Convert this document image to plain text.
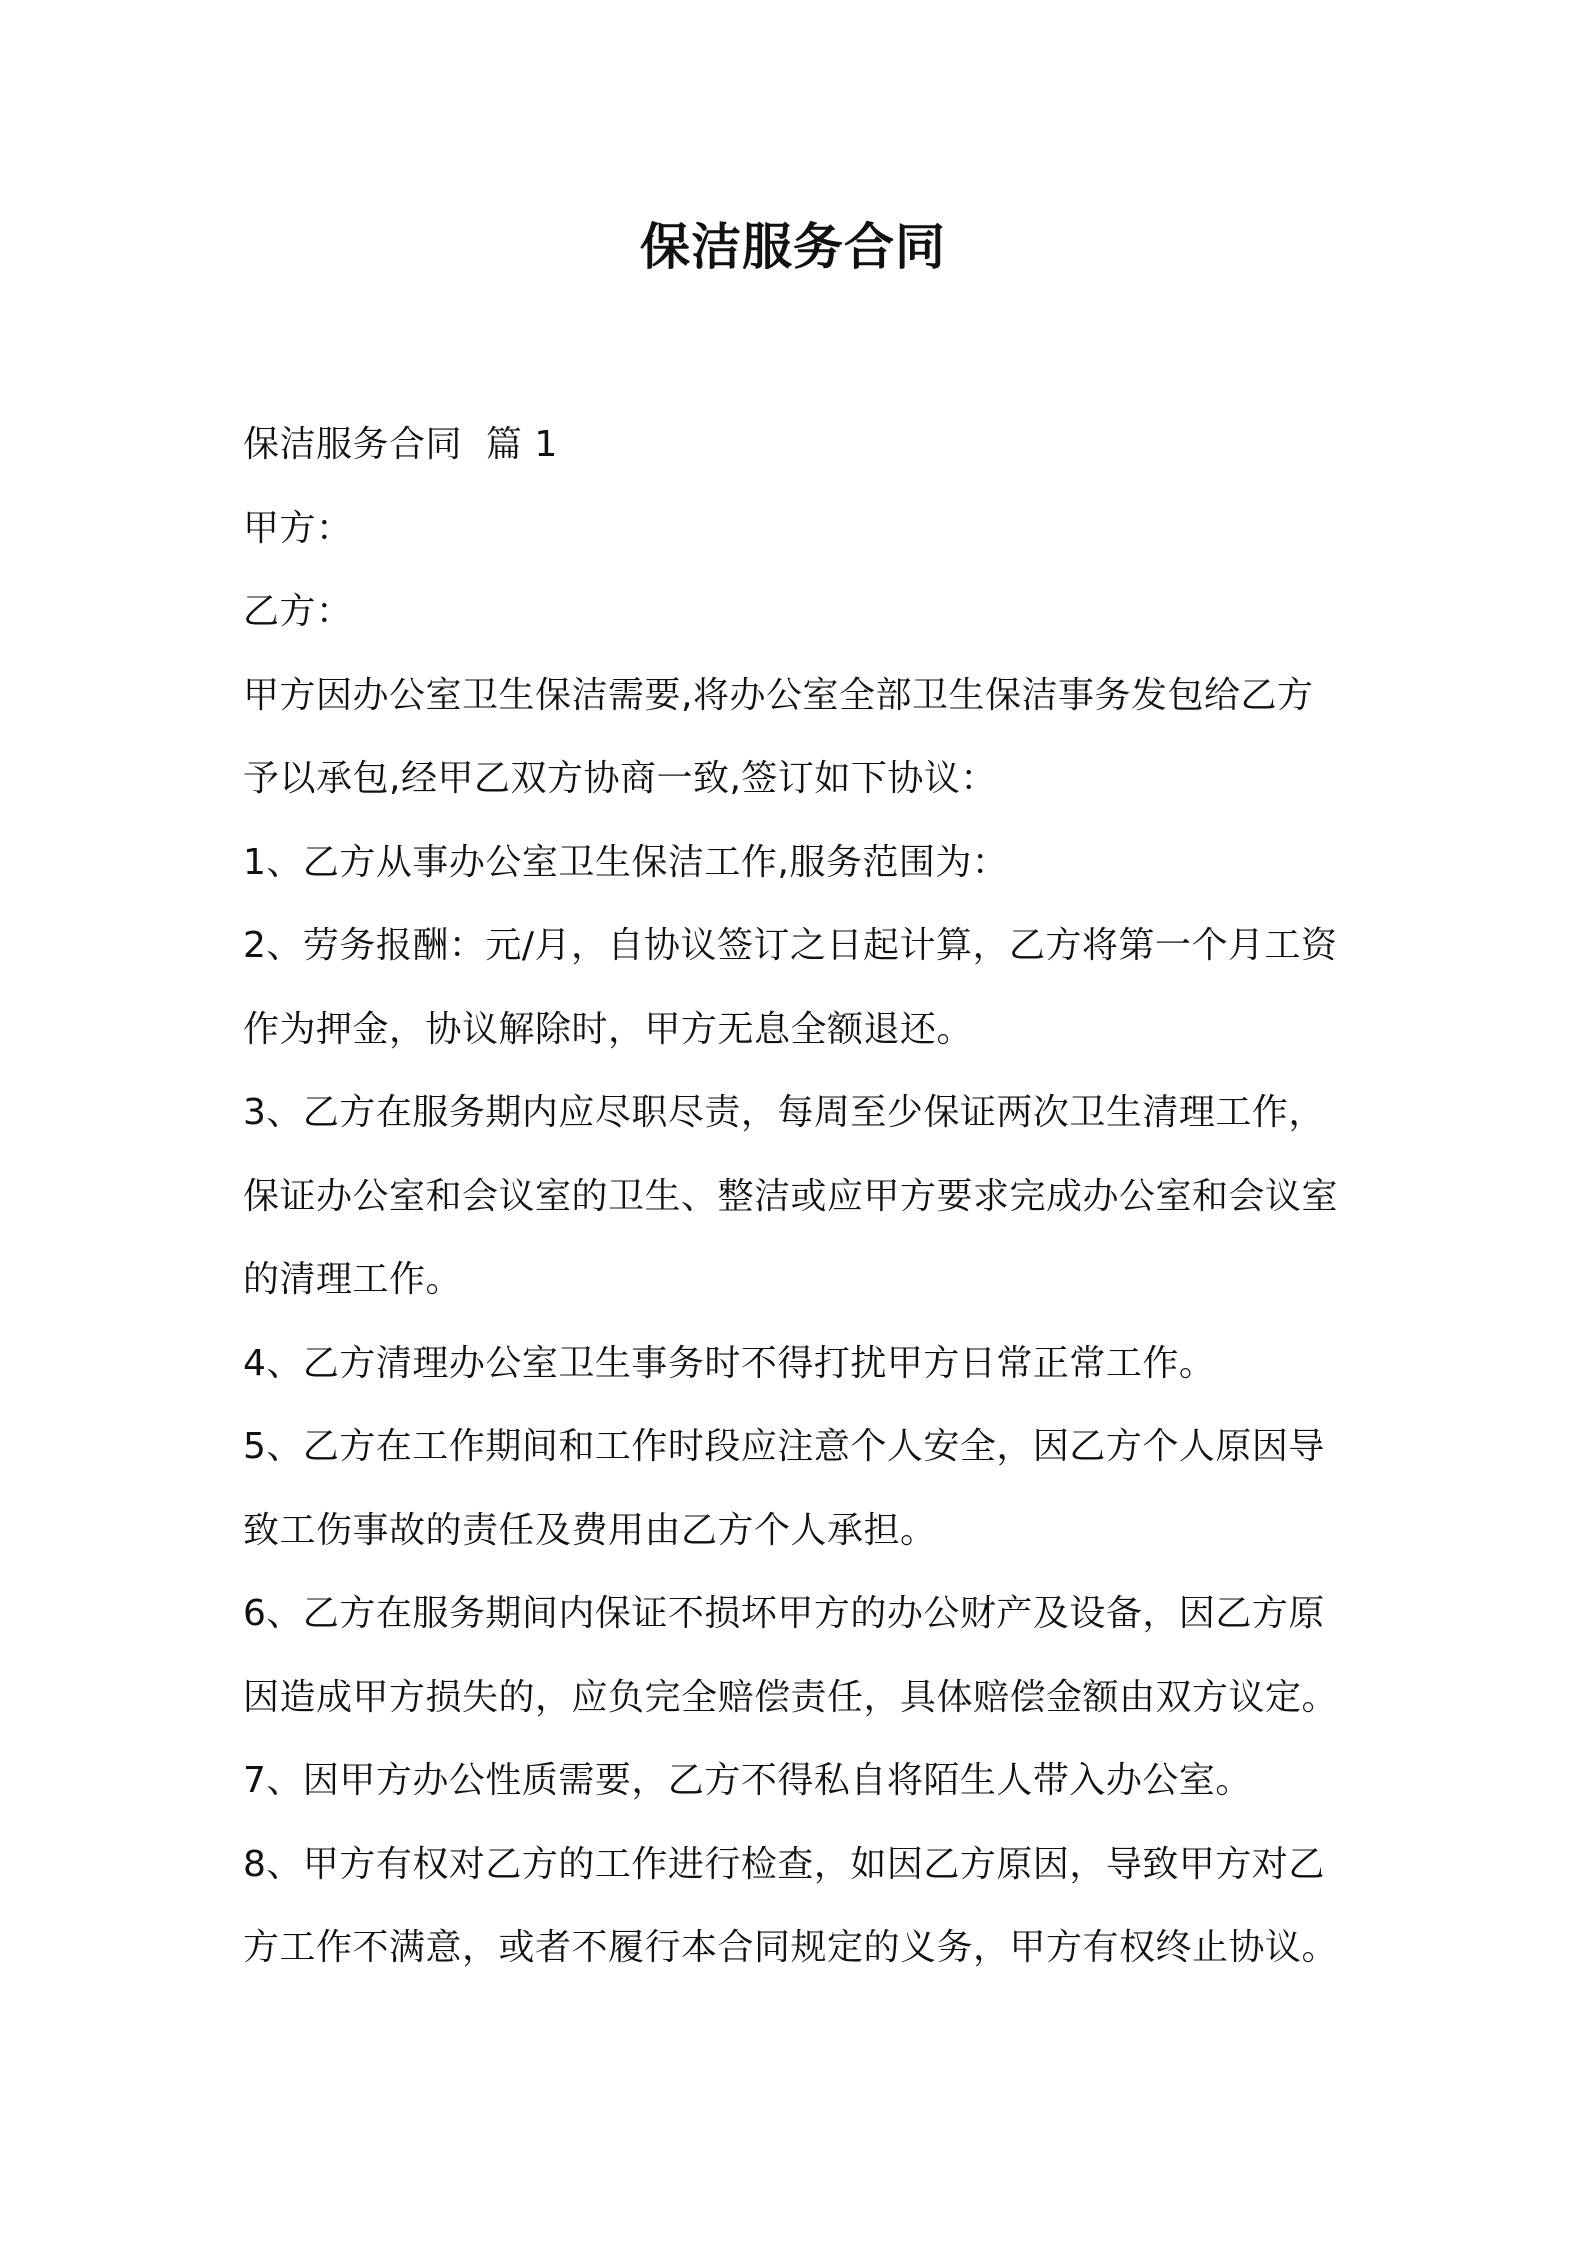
保洁服务合同

保洁服务合同  篇 1

甲方：

乙方：

甲方因办公室卫生保洁需要,将办公室全部卫生保洁事务发包给乙方

予以承包,经甲乙双方协商一致,签订如下协议：

1、乙方从事办公室卫生保洁工作,服务范围为：

2、劳务报酬：元/月，自协议签订之日起计算，乙方将第一个月工资

作为押金，协议解除时，甲方无息全额退还。

3、乙方在服务期内应尽职尽责，每周至少保证两次卫生清理工作，

保证办公室和会议室的卫生、整洁或应甲方要求完成办公室和会议室

的清理工作。

4、乙方清理办公室卫生事务时不得打扰甲方日常正常工作。

5、乙方在工作期间和工作时段应注意个人安全，因乙方个人原因导

致工伤事故的责任及费用由乙方个人承担。

6、乙方在服务期间内保证不损坏甲方的办公财产及设备，因乙方原

因造成甲方损失的，应负完全赔偿责任，具体赔偿金额由双方议定。

7、因甲方办公性质需要，乙方不得私自将陌生人带入办公室。

8、甲方有权对乙方的工作进行检查，如因乙方原因，导致甲方对乙

方工作不满意，或者不履行本合同规定的义务，甲方有权终止协议。
